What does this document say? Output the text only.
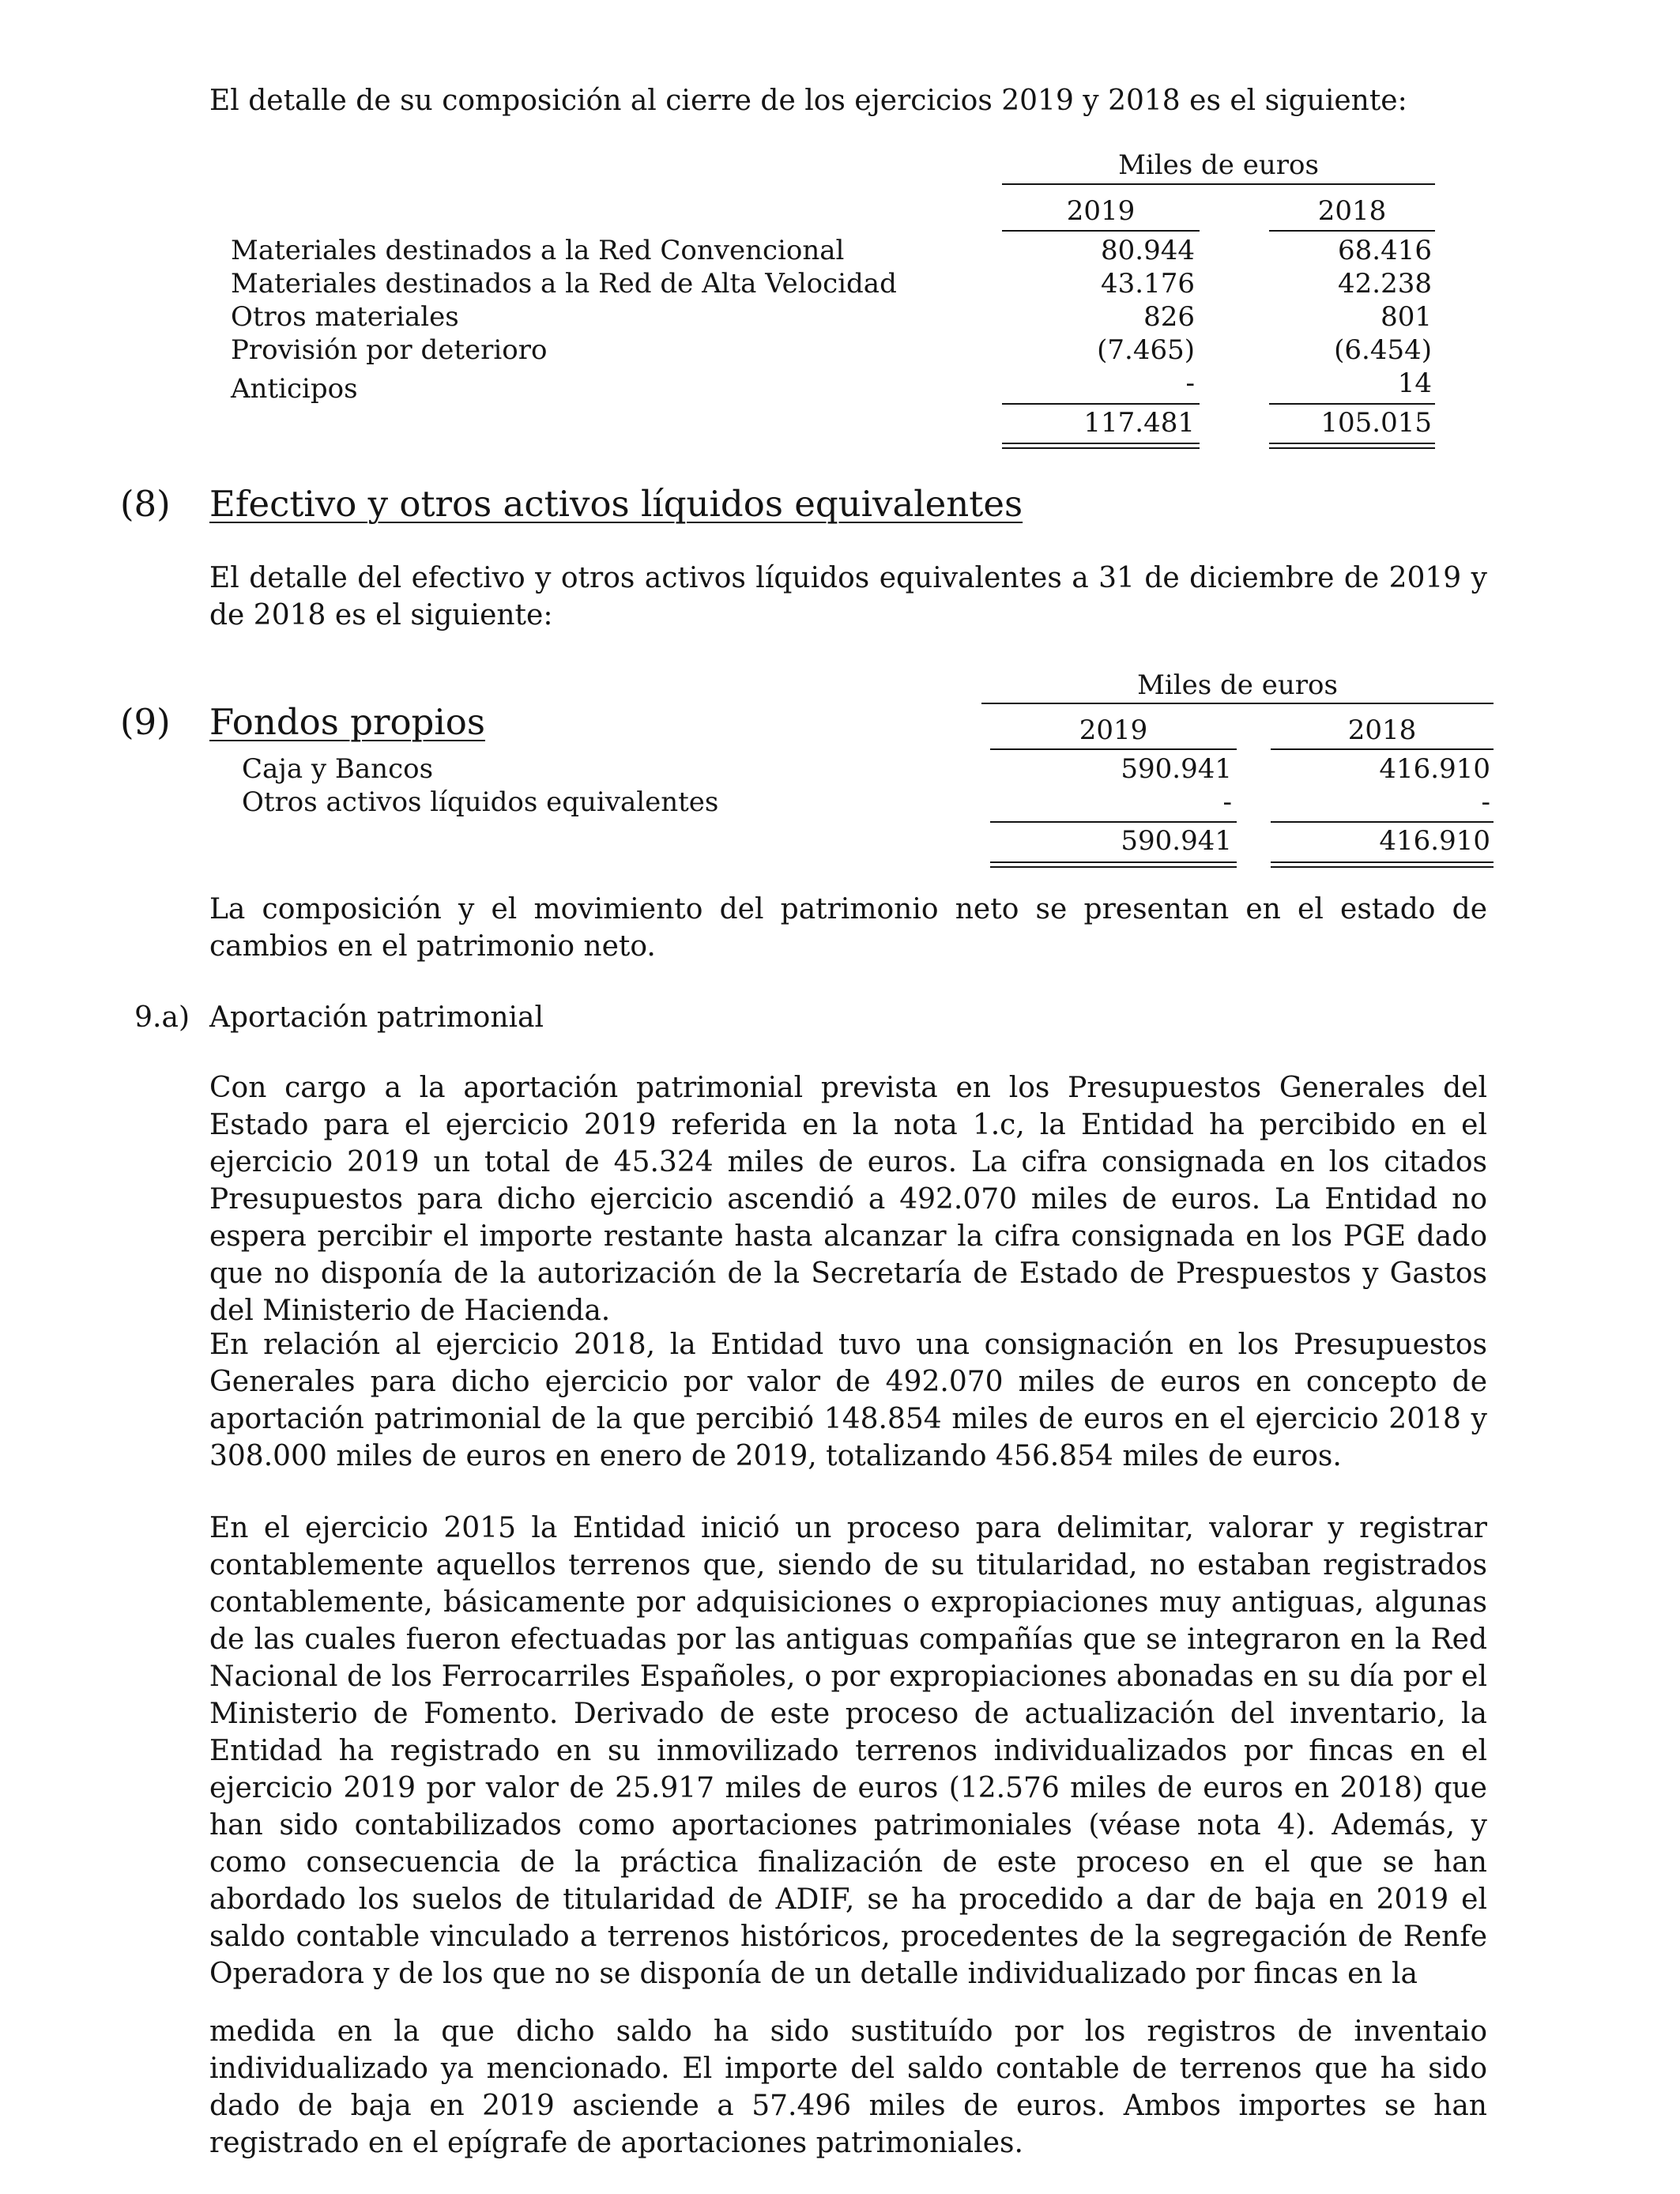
El detalle de su composición al cierre de los ejercicios 2019 y 2018 es el siguiente:
Miles de euros
2019	2018
Materiales destinados a la Red Convencional	80.944	68.416
Materiales destinados a la Red de Alta Velocidad	43.176	42.238
Otros materiales	826	801
Provisión por deterioro	(7.465)	(6.454)
Anticipos	-	14
117.481	105.015
(8) Efectivo y otros activos líquidos equivalentes
El detalle del efectivo y otros activos líquidos equivalentes a 31 de diciembre de 2019 y de 2018 es el siguiente:
Miles de euros
2019	2018
Caja y Bancos	590.941	416.910
Otros activos líquidos equivalentes	-	-
590.941	416.910
(9) Fondos propios
La composición y el movimiento del patrimonio neto se presentan en el estado de cambios en el patrimonio neto.
9.a) Aportación patrimonial
Con cargo a la aportación patrimonial prevista en los Presupuestos Generales del Estado para el ejercicio 2019 referida en la nota 1.c, la Entidad ha percibido en el ejercicio 2019 un total de 45.324 miles de euros. La cifra consignada en los citados Presupuestos para dicho ejercicio ascendió a 492.070 miles de euros. La Entidad no espera percibir el importe restante hasta alcanzar la cifra consignada en los PGE dado que no disponía de la autorización de la Secretaría de Estado de Prespuestos y Gastos del Ministerio de Hacienda.
En relación al ejercicio 2018, la Entidad tuvo una consignación en los Presupuestos Generales para dicho ejercicio por valor de 492.070 miles de euros en concepto de aportación patrimonial de la que percibió 148.854 miles de euros en el ejercicio 2018 y 308.000 miles de euros en enero de 2019, totalizando 456.854 miles de euros.
En el ejercicio 2015 la Entidad inició un proceso para delimitar, valorar y registrar contablemente aquellos terrenos que, siendo de su titularidad, no estaban registrados contablemente, básicamente por adquisiciones o expropiaciones muy antiguas, algunas de las cuales fueron efectuadas por las antiguas compañías que se integraron en la Red Nacional de los Ferrocarriles Españoles, o por expropiaciones abonadas en su día por el Ministerio de Fomento. Derivado de este proceso de actualización del inventario, la Entidad ha registrado en su inmovilizado terrenos individualizados por fincas en el ejercicio 2019 por valor de 25.917 miles de euros (12.576 miles de euros en 2018) que han sido contabilizados como aportaciones patrimoniales (véase nota 4). Además, y como consecuencia de la práctica finalización de este proceso en el que se han abordado los suelos de titularidad de ADIF, se ha procedido a dar de baja en 2019 el saldo contable vinculado a terrenos históricos, procedentes de la segregación de Renfe Operadora y de los que no se disponía de un detalle individualizado por fincas en la
medida en la que dicho saldo ha sido sustituído por los registros de inventaio individualizado ya mencionado. El importe del saldo contable de terrenos que ha sido dado de baja en 2019 asciende a 57.496 miles de euros. Ambos importes se han registrado en el epígrafe de aportaciones patrimoniales.
